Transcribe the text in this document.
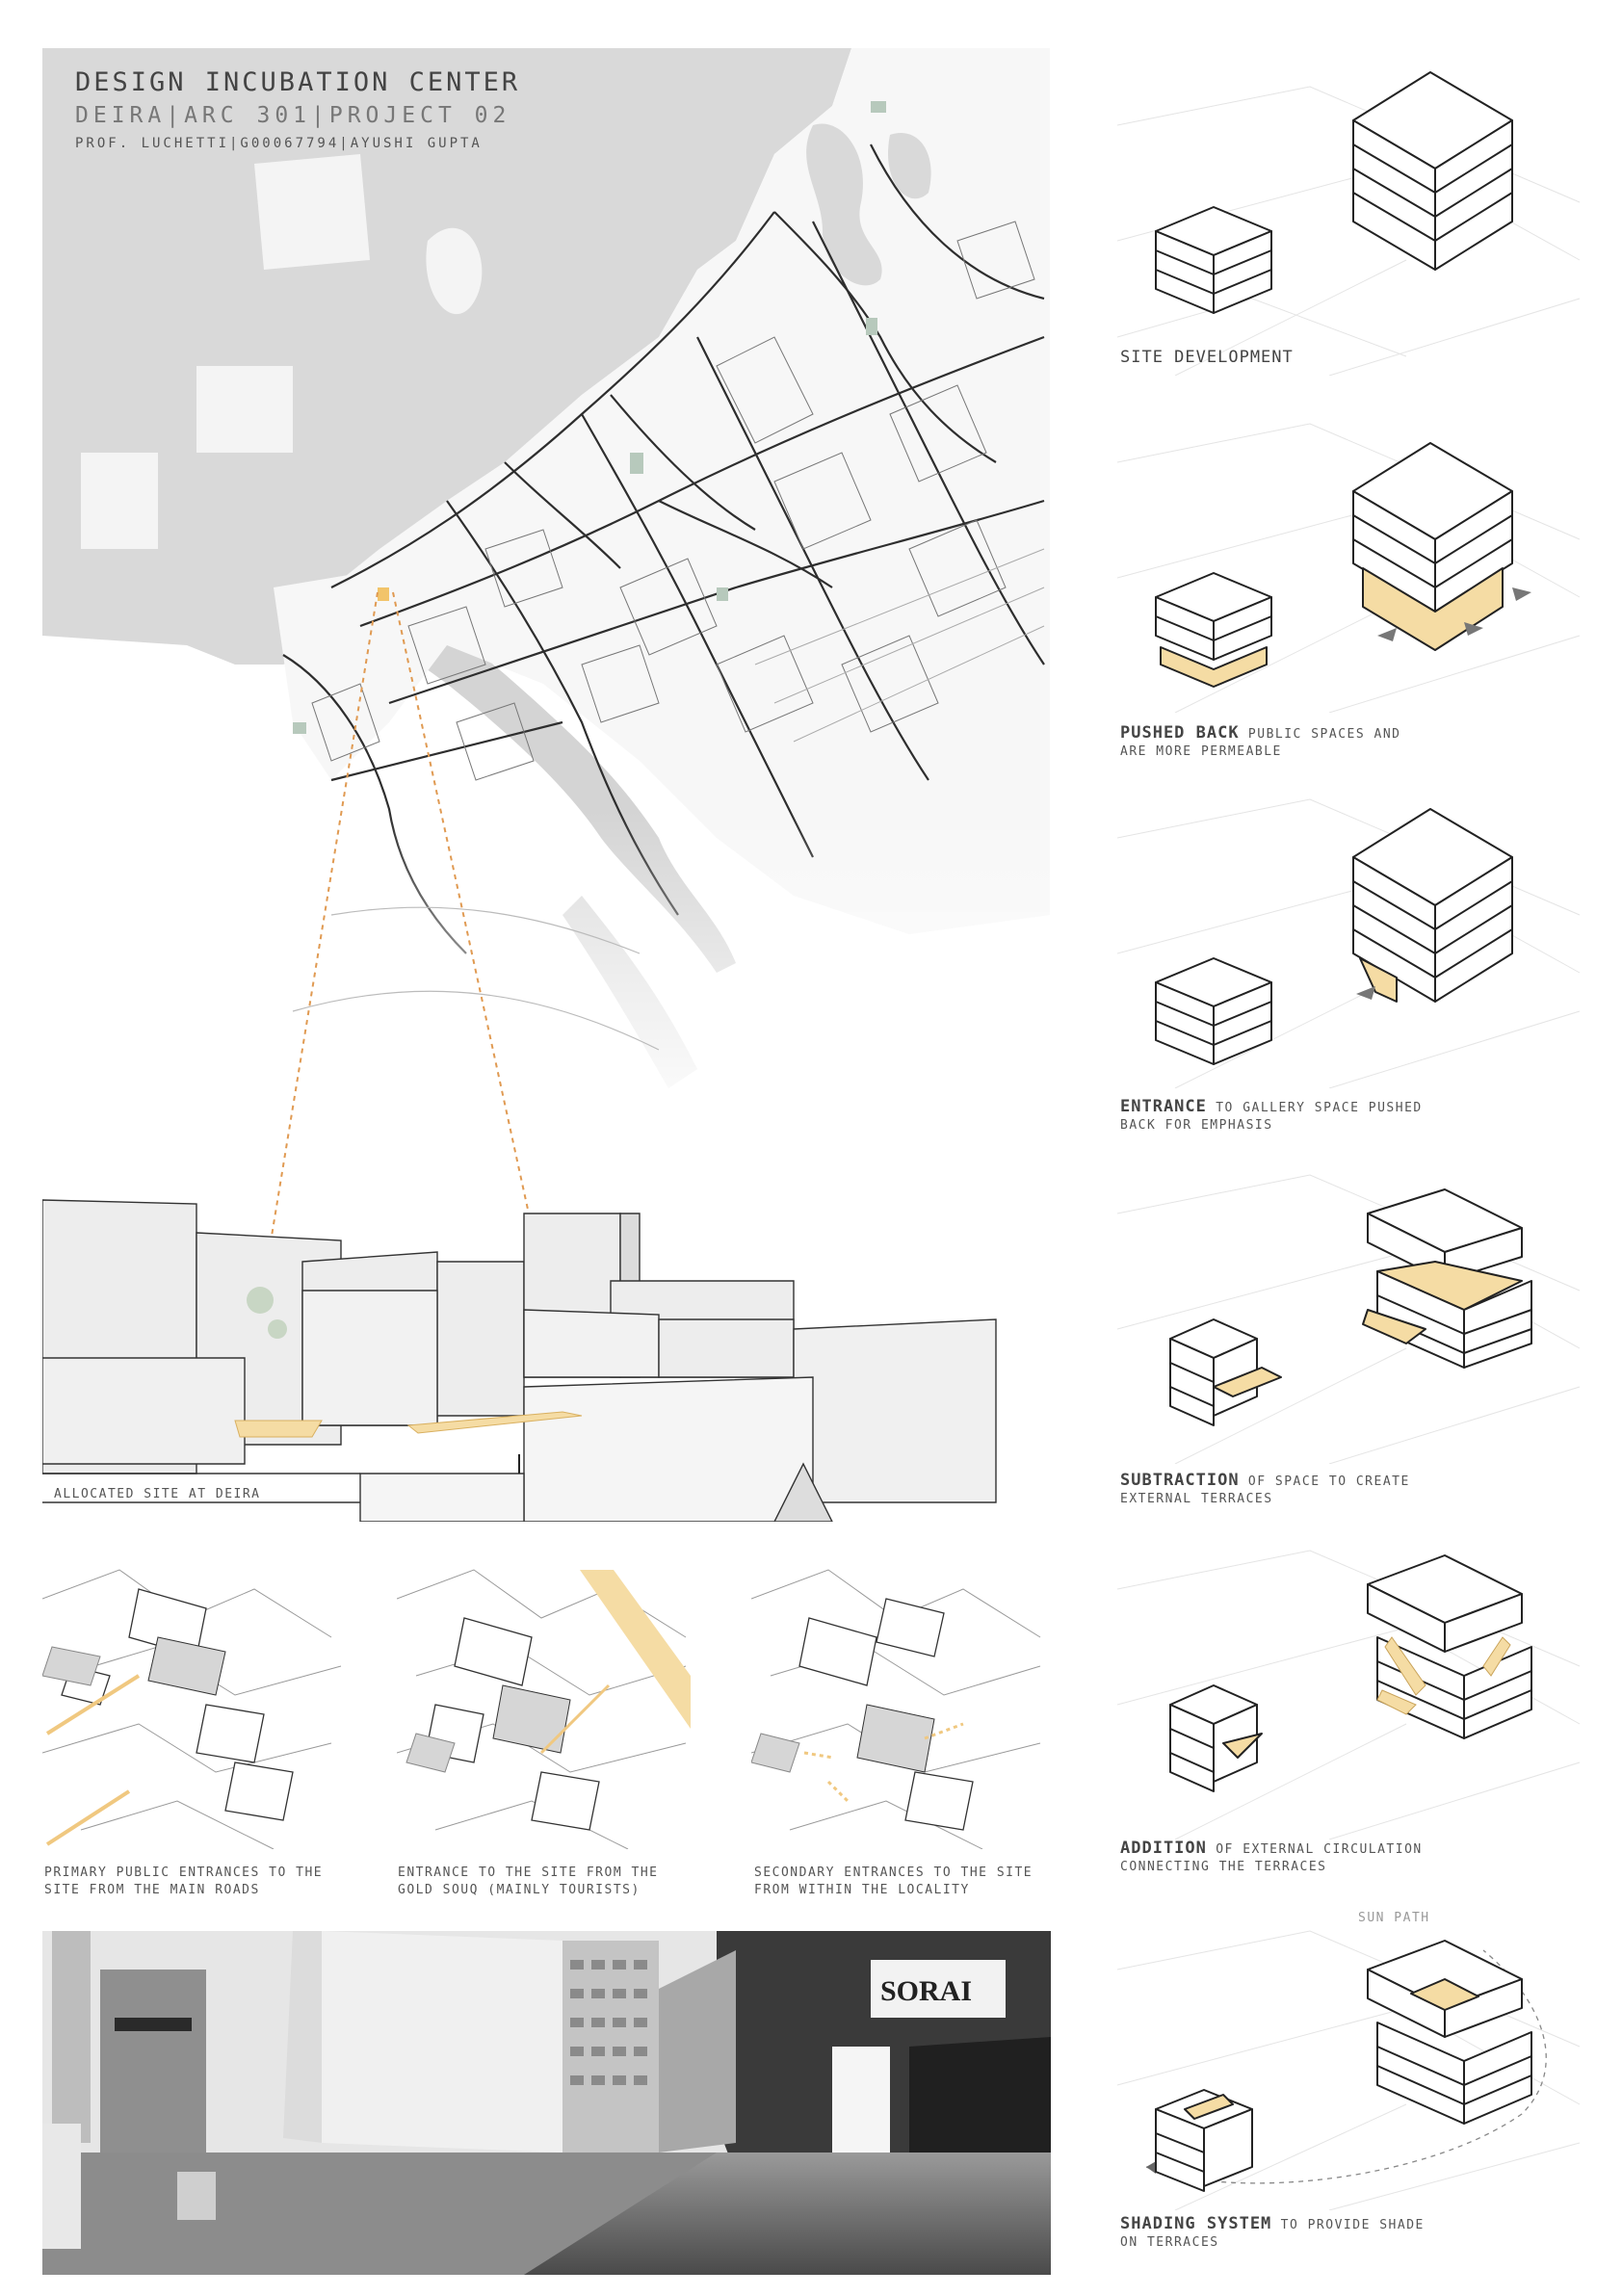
DESIGN INCUBATION CENTER
DEIRA|ARC 301|PROJECT 02
PROF. LUCHETTI|G00067794|AYUSHI GUPTA
ALLOCATED SITE AT DEIRA
PRIMARY PUBLIC ENTRANCES TO THE SITE FROM THE MAIN ROADS
ENTRANCE TO THE SITE FROM THE GOLD SOUQ (MAINLY TOURISTS)
SECONDARY ENTRANCES TO THE SITE FROM WITHIN THE LOCALITY
SORAI
SITE DEVELOPMENT
PUSHED BACK PUBLIC SPACES AND
ARE MORE PERMEABLE
ENTRANCE TO GALLERY SPACE PUSHED
BACK FOR EMPHASIS
SUBTRACTION OF SPACE TO CREATE
EXTERNAL TERRACES
ADDITION OF EXTERNAL CIRCULATION
CONNECTING THE TERRACES
SUN PATH
SHADING SYSTEM TO PROVIDE SHADE
ON TERRACES
